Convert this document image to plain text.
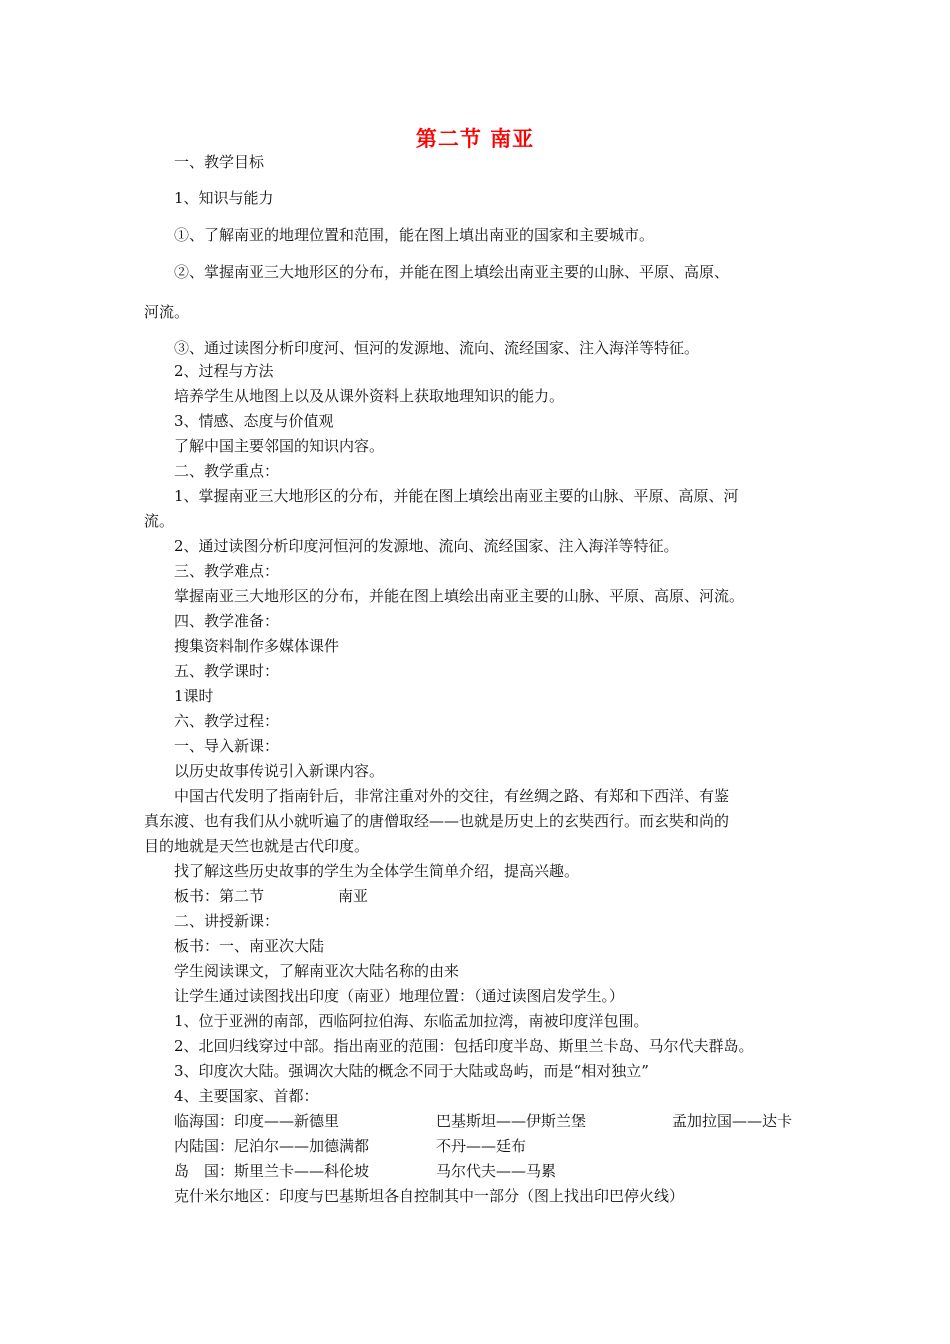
第二节 南亚
一、教学目标
1、知识与能力
①、了解南亚的地理位置和范围，能在图上填出南亚的国家和主要城市。
②、掌握南亚三大地形区的分布，并能在图上填绘出南亚主要的山脉、平原、高原、
河流。
③、通过读图分析印度河、恒河的发源地、流向、流经国家、注入海洋等特征。
2、过程与方法
培养学生从地图上以及从课外资料上获取地理知识的能力。
3、情感、态度与价值观
了解中国主要邻国的知识内容。
二、教学重点：
1、掌握南亚三大地形区的分布，并能在图上填绘出南亚主要的山脉、平原、高原、河
流。
2、通过读图分析印度河恒河的发源地、流向、流经国家、注入海洋等特征。
三、教学难点：
掌握南亚三大地形区的分布，并能在图上填绘出南亚主要的山脉、平原、高原、河流。
四、教学准备：
搜集资料制作多媒体课件
五、教学课时：
1课时
六、教学过程：
一、导入新课：
以历史故事传说引入新课内容。
中国古代发明了指南针后，非常注重对外的交往，有丝绸之路、有郑和下西洋、有鉴
真东渡、也有我们从小就听遍了的唐僧取经——也就是历史上的玄奘西行。而玄奘和尚的
目的地就是天竺也就是古代印度。
找了解这些历史故事的学生为全体学生简单介绍，提高兴趣。
板书：第二节	南亚
二、讲授新课：
板书：一、南亚次大陆
学生阅读课文，了解南亚次大陆名称的由来
让学生通过读图找出印度（南亚）地理位置：（通过读图启发学生。）
1、位于亚洲的南部，西临阿拉伯海、东临孟加拉湾，南被印度洋包围。
2、北回归线穿过中部。指出南亚的范围：包括印度半岛、斯里兰卡岛、马尔代夫群岛。
3、印度次大陆。强调次大陆的概念不同于大陆或岛屿，而是“相对独立”
4、主要国家、首都：
临海国：印度——新德里	巴基斯坦——伊斯兰堡	孟加拉国——达卡
内陆国：尼泊尔——加德满都	不丹——廷布
岛　国：斯里兰卡——科伦坡	马尔代夫——马累
克什米尔地区：印度与巴基斯坦各自控制其中一部分（图上找出印巴停火线）
